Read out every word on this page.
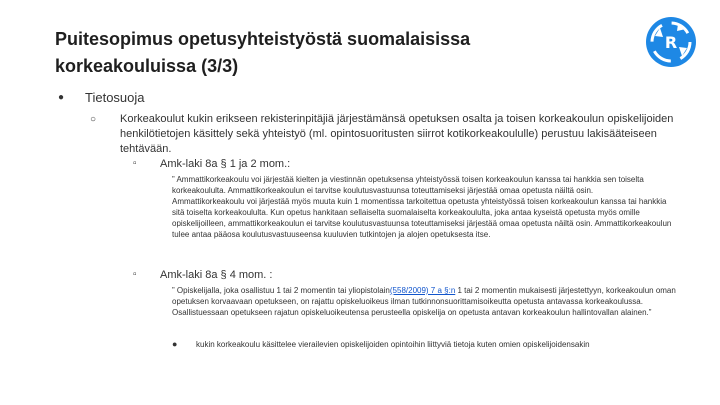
Puitesopimus opetusyhteistyöstä suomalaisissa
korkeakouluissa (3/3)
R
● Tietosuoja
○ Korkeakoulut kukin erikseen rekisterinpitäjiä järjestämänsä opetuksen osalta ja toisen korkeakoulun opiskelijoiden henkilötietojen käsittely sekä yhteistyö (ml. opintosuoritusten siirrot kotikorkeakoululle) perustuu lakisääteiseen tehtävään.
▫ Amk-laki 8a § 1 ja 2 mom.:

” Ammattikorkeakoulu voi järjestää kielten ja viestinnän opetuksensa yhteistyössä toisen korkeakoulun kanssa tai hankkia sen toiselta korkeakoululta. Ammattikorkeakoulun ei tarvitse koulutusvastuunsa toteuttamiseksi järjestää omaa opetusta näiltä osin.

Ammattikorkeakoulu voi järjestää myös muuta kuin 1 momentissa tarkoitettua opetusta yhteistyössä toisen korkeakoulun kanssa tai hankkia sitä toiselta korkeakoululta. Kun opetus hankitaan sellaiselta suomalaiselta korkeakoululta, joka antaa kyseistä opetusta myös omille opiskelijoilleen, ammattikorkeakoulun ei tarvitse koulutusvastuunsa toteuttamiseksi järjestää omaa opetusta näiltä osin. Ammattikorkeakoulun tulee antaa pääosa koulutusvastuuseensa kuuluvien tutkintojen ja alojen opetuksesta itse.

▫ Amk-laki 8a § 4 mom. :

” Opiskelijalla, joka osallistuu 1 tai 2 momentin tai yliopistolain(558/2009) 7 a §:n 1 tai 2 momentin mukaisesti järjestettyyn, korkeakoulun oman opetuksen korvaavaan opetukseen, on rajattu opiskeluoikeus ilman tutkinnonsuorittamisoikeutta opetusta antavassa korkeakoulussa. Osallistuessaan opetukseen rajatun opiskeluoikeutensa perusteella opiskelija on opetusta antavan korkeakoulun hallintovallan alainen.”

● kukin korkeakoulu käsittelee vierailevien opiskelijoiden opintoihin liittyviä tietoja kuten omien opiskelijoidensakin
